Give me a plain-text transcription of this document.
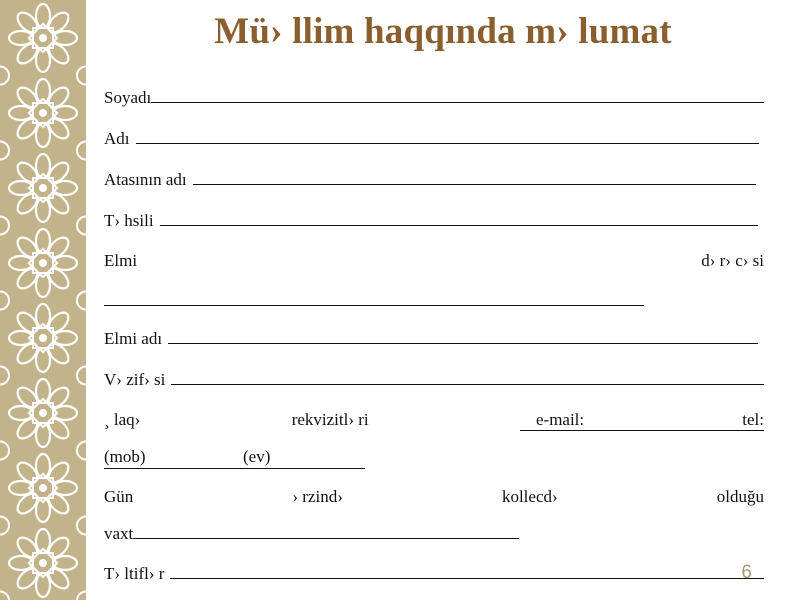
Mü› llim haqqında m› lumat
Soyadı
Adı
Atasının adı
T› hsili
Elmi	d› r› c› si
Elmi adı
V› zif› si
¸ laq›	rekvizitl› ri	e-mail:	tel:
(mob)	(ev)
Gün	› rzind›	kollecd›	olduğu
vaxt
T› ltifl› r	6
